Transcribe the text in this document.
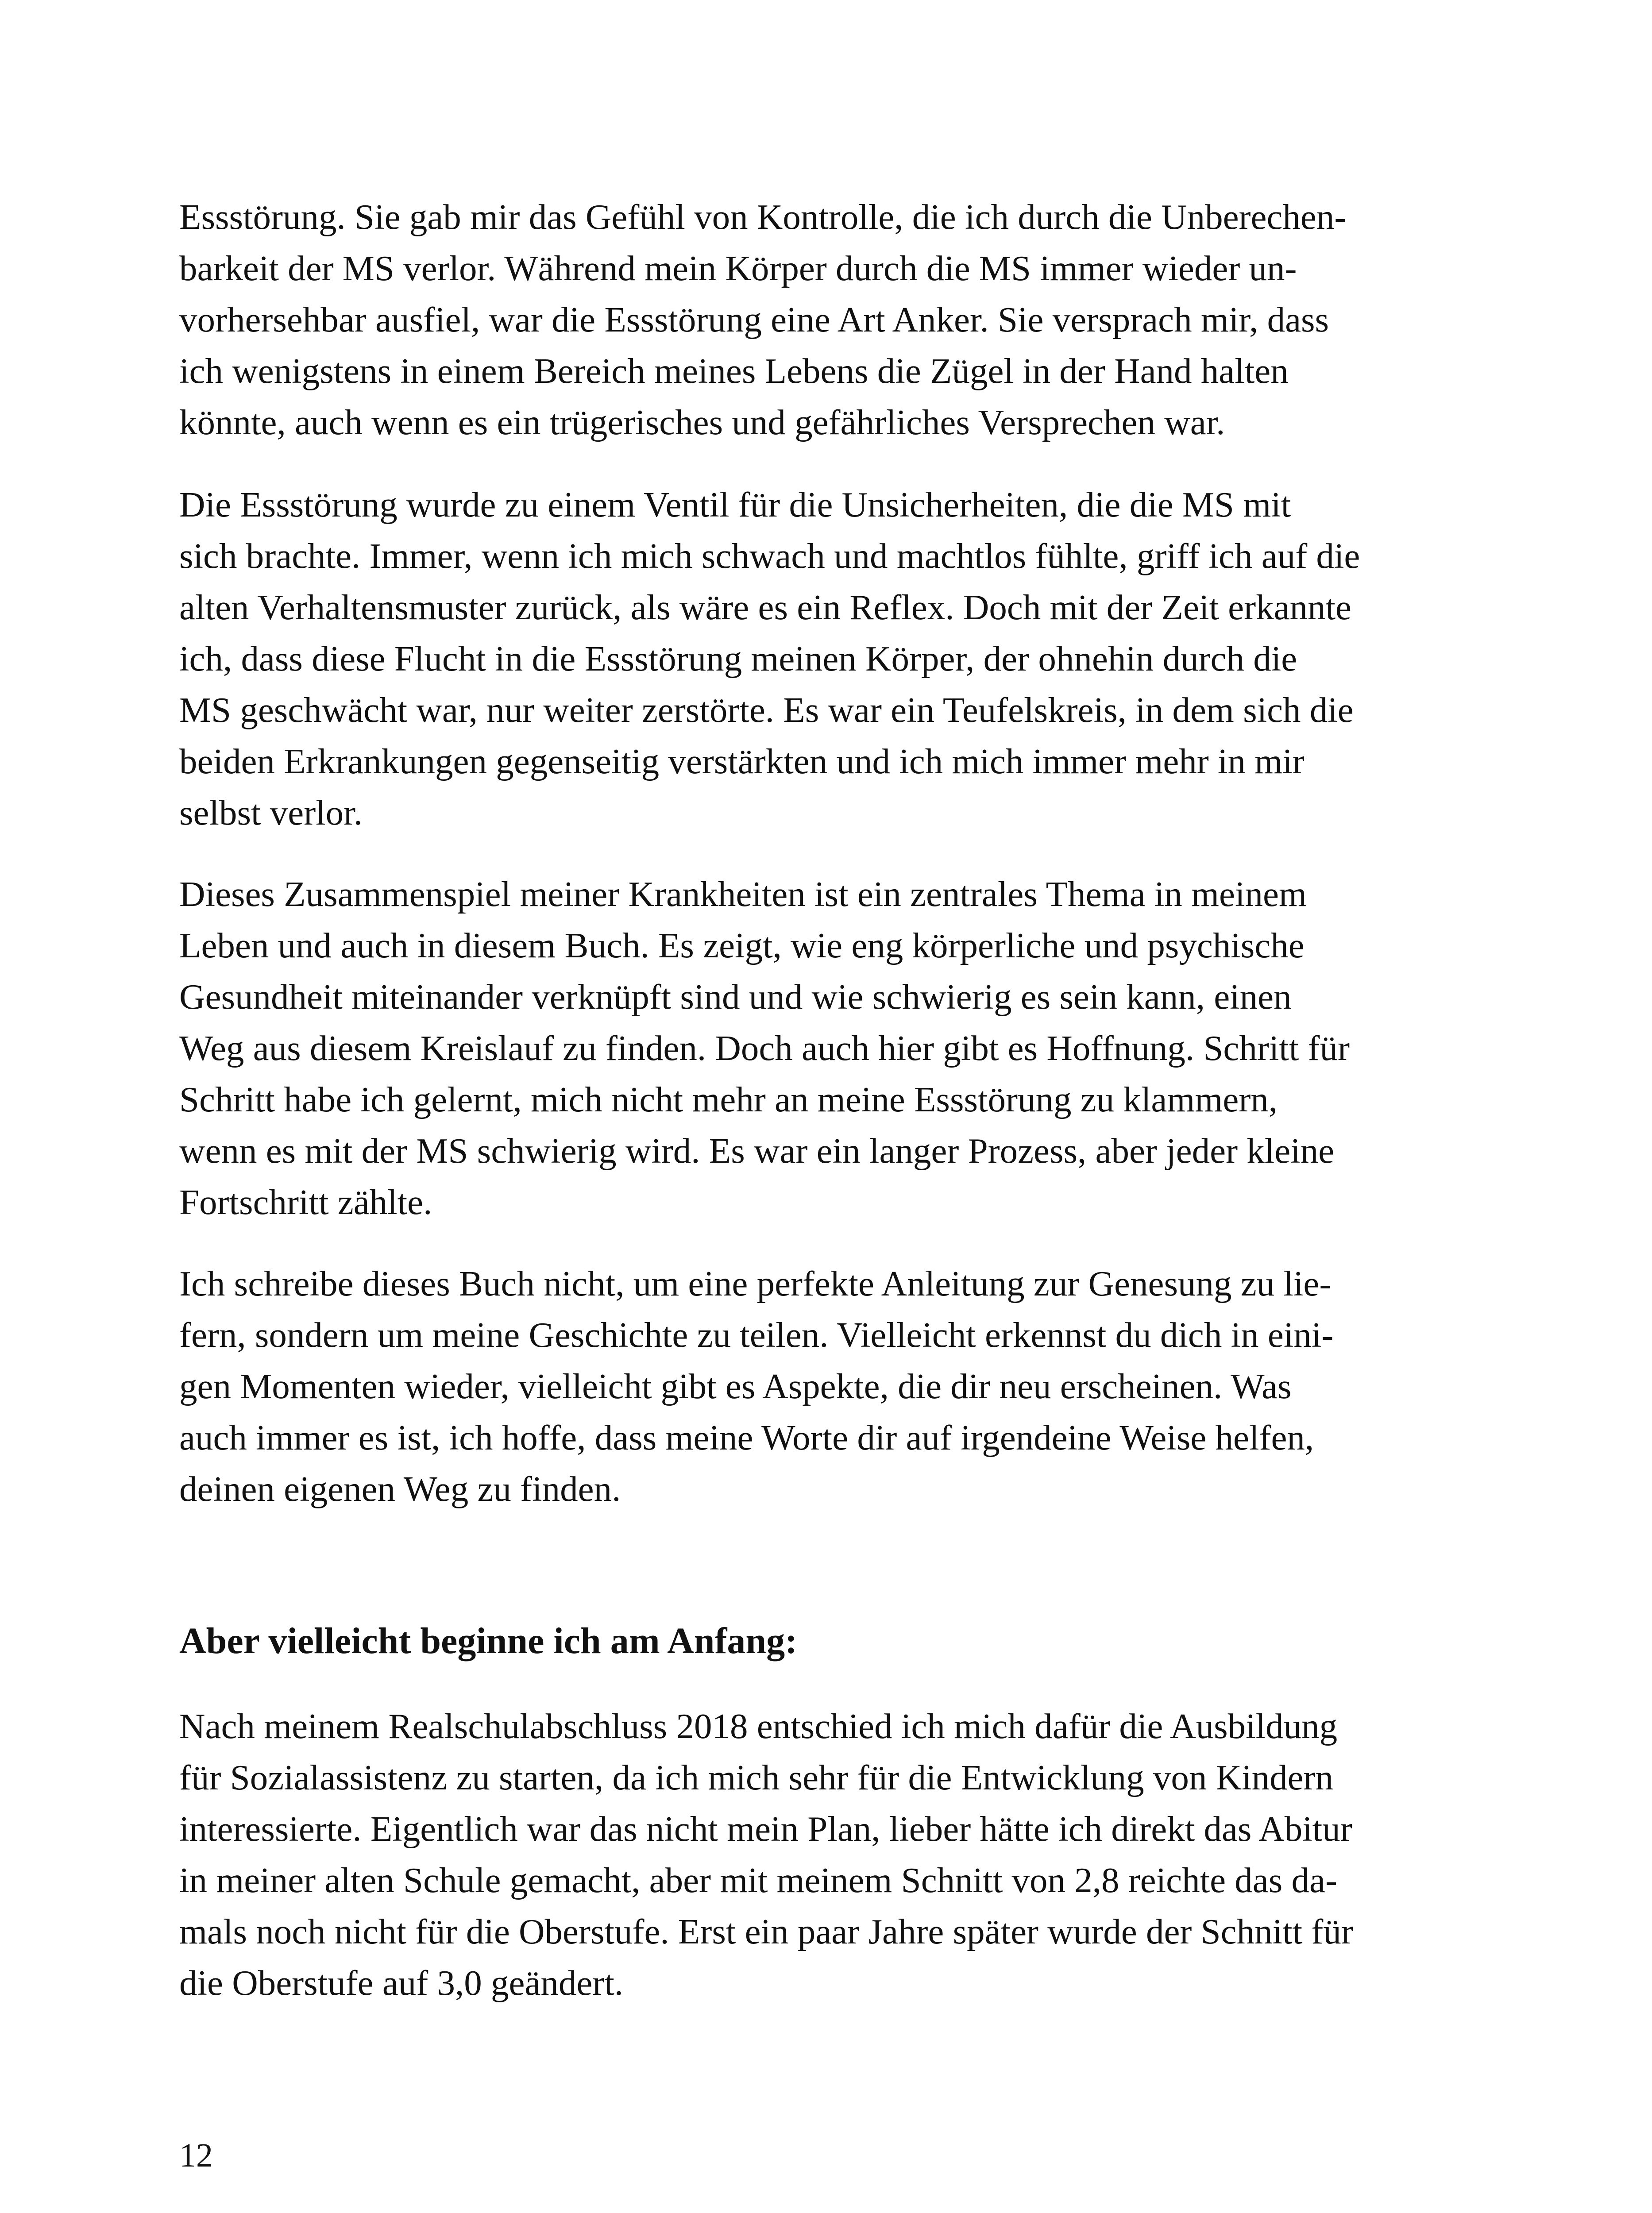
Essstörung. Sie gab mir das Gefühl von Kontrolle, die ich durch die Unberechen-
barkeit der MS verlor. Während mein Körper durch die MS immer wieder un-
vorhersehbar ausfiel, war die Essstörung eine Art Anker. Sie versprach mir, dass
ich wenigstens in einem Bereich meines Lebens die Zügel in der Hand halten
könnte, auch wenn es ein trügerisches und gefährliches Versprechen war.

Die Essstörung wurde zu einem Ventil für die Unsicherheiten, die die MS mit
sich brachte. Immer, wenn ich mich schwach und machtlos fühlte, griff ich auf die
alten Verhaltensmuster zurück, als wäre es ein Reflex. Doch mit der Zeit erkannte
ich, dass diese Flucht in die Essstörung meinen Körper, der ohnehin durch die
MS geschwächt war, nur weiter zerstörte. Es war ein Teufelskreis, in dem sich die
beiden Erkrankungen gegenseitig verstärkten und ich mich immer mehr in mir
selbst verlor.

Dieses Zusammenspiel meiner Krankheiten ist ein zentrales Thema in meinem
Leben und auch in diesem Buch. Es zeigt, wie eng körperliche und psychische
Gesundheit miteinander verknüpft sind und wie schwierig es sein kann, einen
Weg aus diesem Kreislauf zu finden. Doch auch hier gibt es Hoffnung. Schritt für
Schritt habe ich gelernt, mich nicht mehr an meine Essstörung zu klammern,
wenn es mit der MS schwierig wird. Es war ein langer Prozess, aber jeder kleine
Fortschritt zählte.

Ich schreibe dieses Buch nicht, um eine perfekte Anleitung zur Genesung zu lie-
fern, sondern um meine Geschichte zu teilen. Vielleicht erkennst du dich in eini-
gen Momenten wieder, vielleicht gibt es Aspekte, die dir neu erscheinen. Was
auch immer es ist, ich hoffe, dass meine Worte dir auf irgendeine Weise helfen,
deinen eigenen Weg zu finden.

Aber vielleicht beginne ich am Anfang:

Nach meinem Realschulabschluss 2018 entschied ich mich dafür die Ausbildung
für Sozialassistenz zu starten, da ich mich sehr für die Entwicklung von Kindern
interessierte. Eigentlich war das nicht mein Plan, lieber hätte ich direkt das Abitur
in meiner alten Schule gemacht, aber mit meinem Schnitt von 2,8 reichte das da-
mals noch nicht für die Oberstufe. Erst ein paar Jahre später wurde der Schnitt für
die Oberstufe auf 3,0 geändert.

12
